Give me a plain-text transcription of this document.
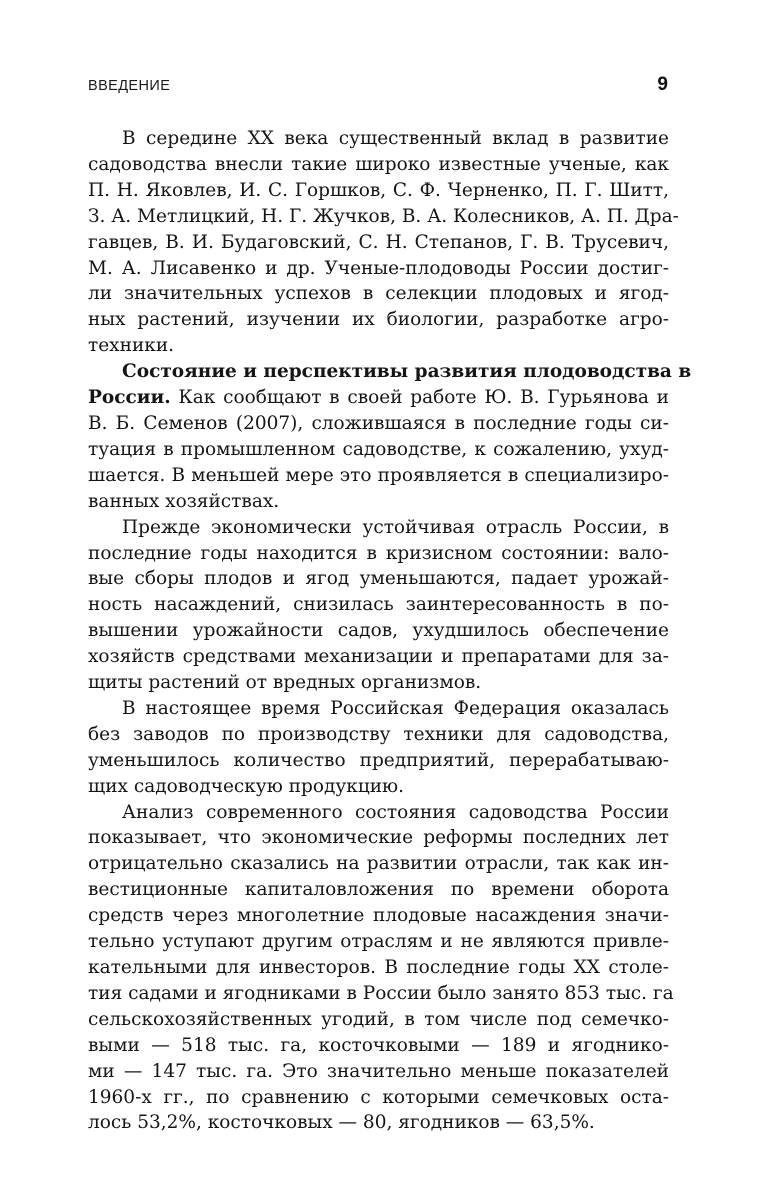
ВВЕДЕНИЕ	9

В середине XX века существенный вклад в развитие
садоводства внесли такие широко известные ученые, как
П. Н. Яковлев, И. С. Горшков, С. Ф. Черненко, П. Г. Шитт,
З. А. Метлицкий, Н. Г. Жучков, В. А. Колесников, А. П. Дра-
гавцев, В. И. Будаговский, С. Н. Степанов, Г. В. Трусевич,
М. А. Лисавенко и др. Ученые-плодоводы России достиг-
ли значительных успехов в селекции плодовых и ягод-
ных растений, изучении их биологии, разработке агро-
техники.

Состояние и перспективы развития плодоводства в
России. Как сообщают в своей работе Ю. В. Гурьянова и
В. Б. Семенов (2007), сложившаяся в последние годы си-
туация в промышленном садоводстве, к сожалению, ухуд-
шается. В меньшей мере это проявляется в специализиро-
ванных хозяйствах.

Прежде экономически устойчивая отрасль России, в
последние годы находится в кризисном состоянии: вало-
вые сборы плодов и ягод уменьшаются, падает урожай-
ность насаждений, снизилась заинтересованность в по-
вышении урожайности садов, ухудшилось обеспечение
хозяйств средствами механизации и препаратами для за-
щиты растений от вредных организмов.

В настоящее время Российская Федерация оказалась
без заводов по производству техники для садоводства,
уменьшилось количество предприятий, перерабатываю-
щих садоводческую продукцию.

Анализ современного состояния садоводства России
показывает, что экономические реформы последних лет
отрицательно сказались на развитии отрасли, так как ин-
вестиционные капиталовложения по времени оборота
средств через многолетние плодовые насаждения значи-
тельно уступают другим отраслям и не являются привле-
кательными для инвесторов. В последние годы XX столе-
тия садами и ягодниками в России было занято 853 тыс. га
сельскохозяйственных угодий, в том числе под семечко-
выми — 518 тыс. га, косточковыми — 189 и ягоднико-
ми — 147 тыс. га. Это значительно меньше показателей
1960-х гг., по сравнению с которыми семечковых оста-
лось 53,2%, косточковых — 80, ягодников — 63,5%.
